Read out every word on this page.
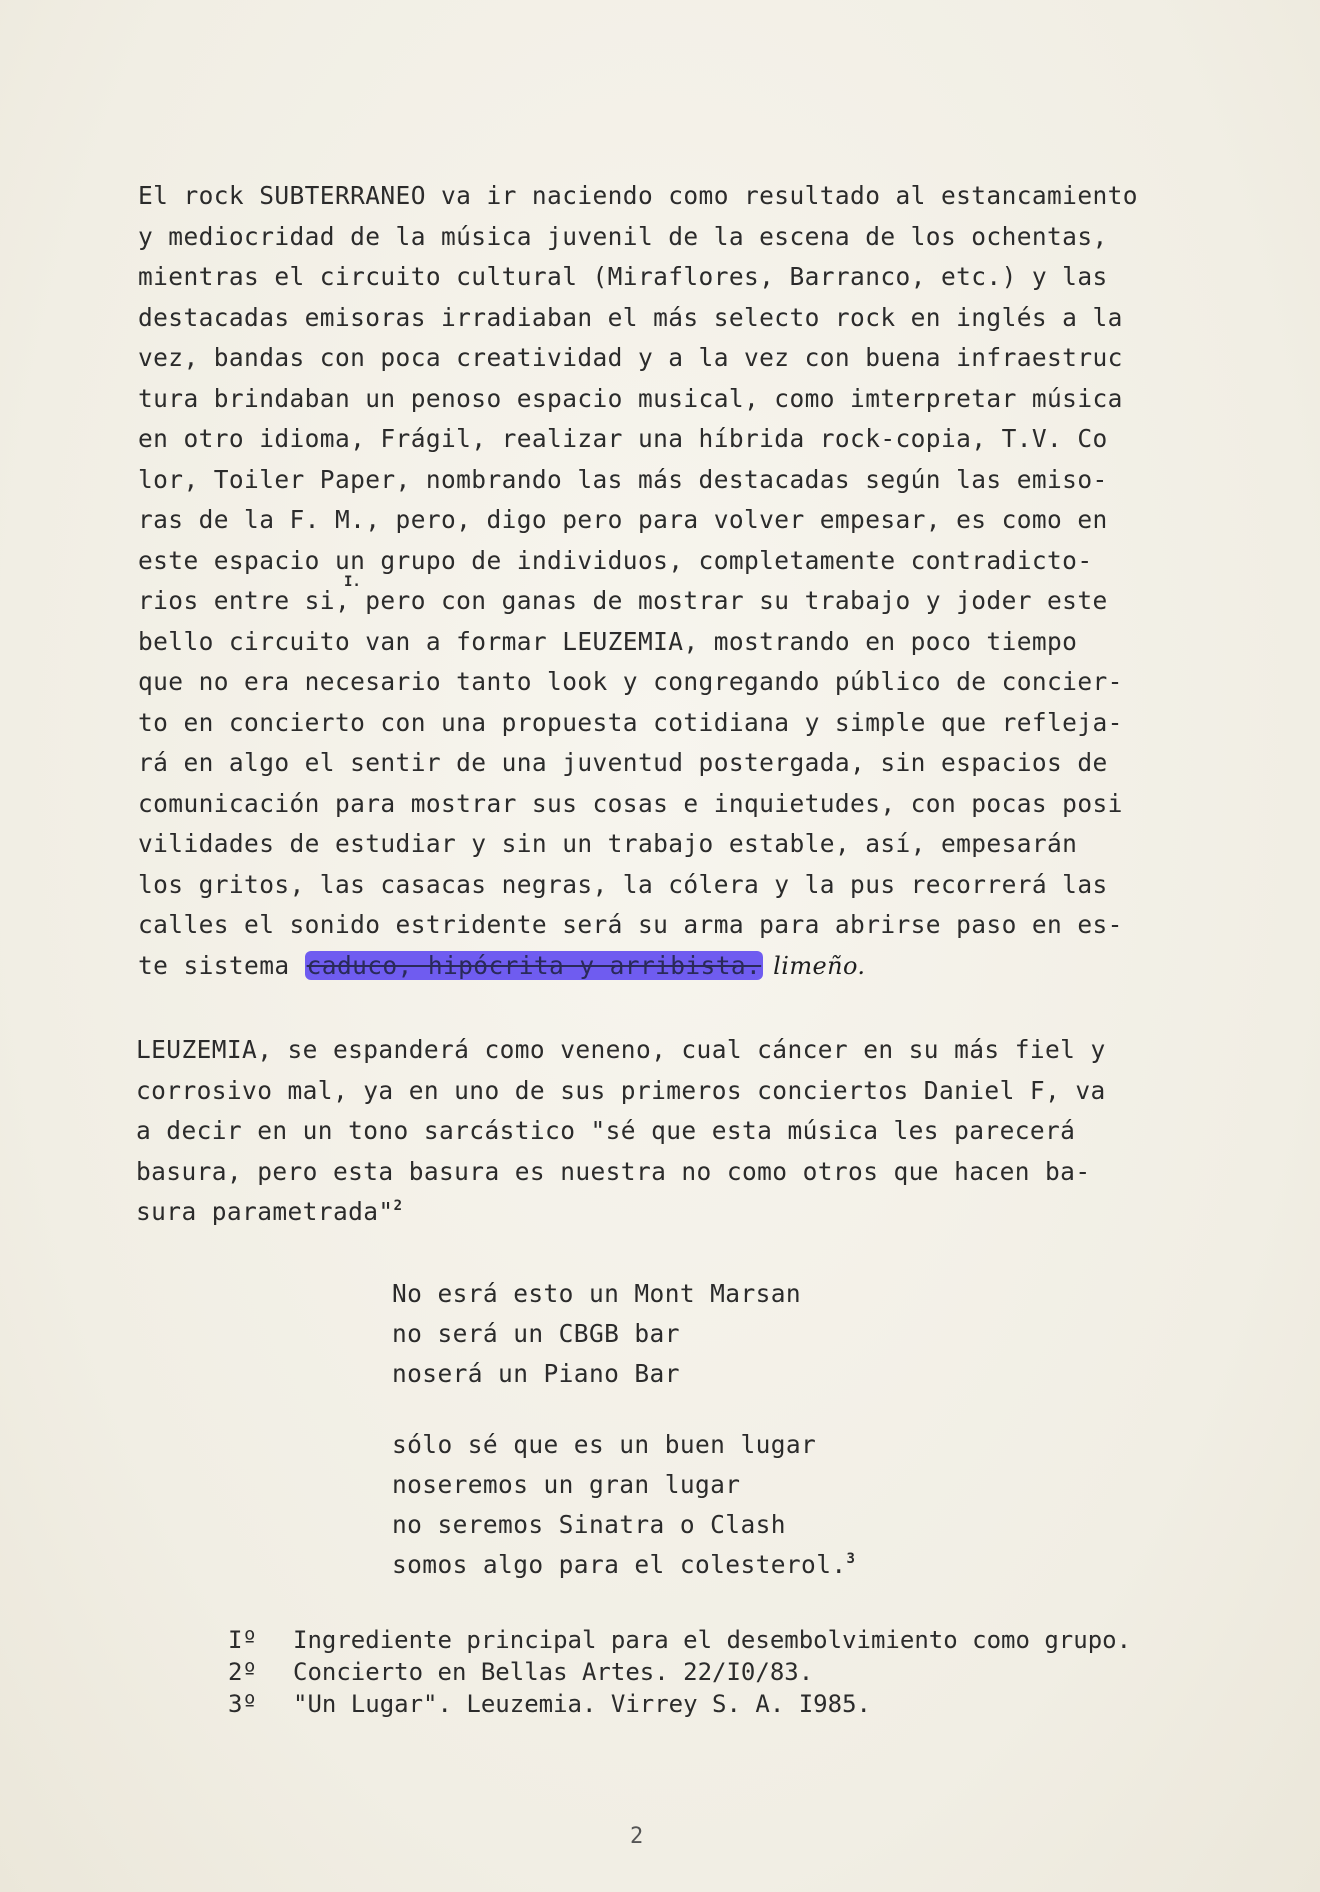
El rock SUBTERRANEO va ir naciendo como resultado al estancamiento
y mediocridad de la música juvenil de la escena de los ochentas,
mientras el circuito cultural (Miraflores, Barranco, etc.) y las
destacadas emisoras irradiaban el más selecto rock en inglés a la
vez, bandas con poca creatividad y a la vez con buena infraestruc
tura brindaban un penoso espacio musical, como imterpretar música
en otro idioma, Frágil, realizar una híbrida rock-copia, T.V. Co
lor, Toiler Paper, nombrando las más destacadas según las emiso-
ras de la F. M., pero, digo pero para volver empesar, es como en
este espacio un grupo de individuos, completamente contradicto-
rios entre si, pero con ganas de mostrar su trabajo y joder este
bello circuito van a formar LEUZEMIA, mostrando en poco tiempo
que no era necesario tanto look y congregando público de concier-
to en concierto con una propuesta cotidiana y simple que refleja-
rá en algo el sentir de una juventud postergada, sin espacios de
comunicación para mostrar sus cosas e inquietudes, con pocas posi
vilidades de estudiar y sin un trabajo estable, así, empesarán
los gritos, las casacas negras, la cólera y la pus recorrerá las
calles el sonido estridente será su arma para abrirse paso en es-
te sistema caduco, hipócrita y arribista. limeño.
I.
LEUZEMIA, se espanderá como veneno, cual cáncer en su más fiel y
corrosivo mal, ya en uno de sus primeros conciertos Daniel F, va
a decir en un tono sarcástico "sé que esta música les parecerá
basura, pero esta basura es nuestra no como otros que hacen ba-
sura parametrada"$^2$
No esrá esto un Mont Marsan
no será un CBGB bar
noserá un Piano Bar
sólo sé que es un buen lugar
noseremos un gran lugar
no seremos Sinatra o Clash
somos algo para el colesterol.$^3$
Iº	Ingrediente principal para el desembolvimiento como grupo.
2º	Concierto en Bellas Artes. 22/I0/83.
3º	"Un Lugar". Leuzemia. Virrey S. A. I985.
2
